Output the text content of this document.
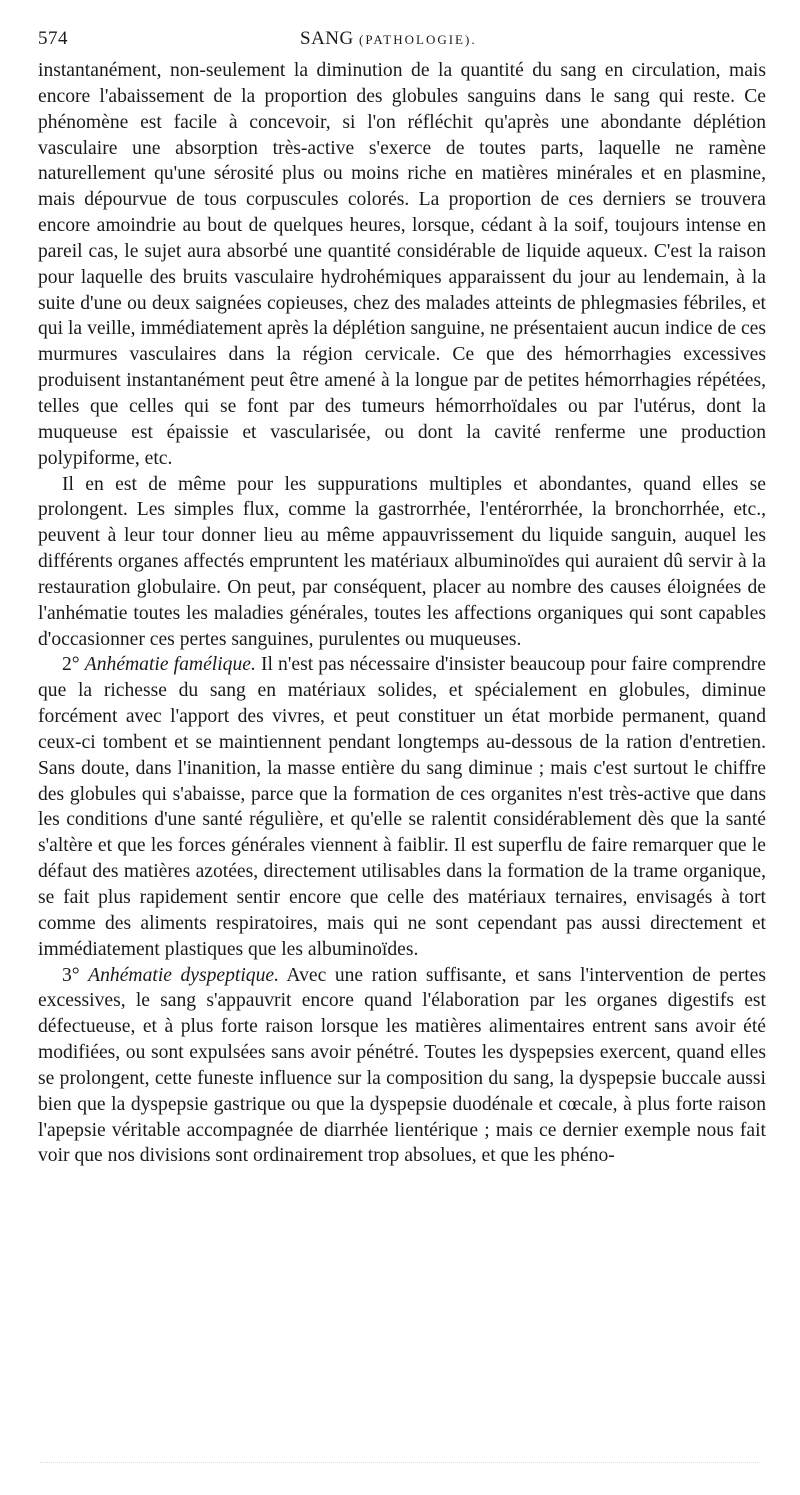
574	SANG (PATHOLOGIE).

instantanément, non-seulement la diminution de la quantité du sang en circulation, mais encore l'abaissement de la proportion des globules sanguins dans le sang qui reste. Ce phénomène est facile à concevoir, si l'on réfléchit qu'après une abondante déplétion vasculaire une absorption très-active s'exerce de toutes parts, laquelle ne ramène naturellement qu'une sérosité plus ou moins riche en matières minérales et en plasmine, mais dépourvue de tous corpuscules colorés. La proportion de ces derniers se trouvera encore amoindrie au bout de quelques heures, lorsque, cédant à la soif, toujours intense en pareil cas, le sujet aura absorbé une quantité considérable de liquide aqueux. C'est la raison pour laquelle des bruits vasculaire hydrohémiques apparaissent du jour au lendemain, à la suite d'une ou deux saignées copieuses, chez des malades atteints de phlegmasies fébriles, et qui la veille, immédiatement après la déplétion sanguine, ne présentaient aucun indice de ces murmures vasculaires dans la région cervicale. Ce que des hémorrhagies excessives produisent instantanément peut être amené à la longue par de petites hémorrhagies répétées, telles que celles qui se font par des tumeurs hémorrhoïdales ou par l'utérus, dont la muqueuse est épaissie et vascularisée, ou dont la cavité renferme une production polypiforme, etc.

Il en est de même pour les suppurations multiples et abondantes, quand elles se prolongent. Les simples flux, comme la gastrorrhée, l'entérorrhée, la bronchorrhée, etc., peuvent à leur tour donner lieu au même appauvrissement du liquide sanguin, auquel les différents organes affectés empruntent les matériaux albuminoïdes qui auraient dû servir à la restauration globulaire. On peut, par conséquent, placer au nombre des causes éloignées de l'anhématie toutes les maladies générales, toutes les affections organiques qui sont capables d'occasionner ces pertes sanguines, purulentes ou muqueuses.

2° Anhématie famélique. Il n'est pas nécessaire d'insister beaucoup pour faire comprendre que la richesse du sang en matériaux solides, et spécialement en globules, diminue forcément avec l'apport des vivres, et peut constituer un état morbide permanent, quand ceux-ci tombent et se maintiennent pendant longtemps au-dessous de la ration d'entretien. Sans doute, dans l'inanition, la masse entière du sang diminue ; mais c'est surtout le chiffre des globules qui s'abaisse, parce que la formation de ces organites n'est très-active que dans les conditions d'une santé régulière, et qu'elle se ralentit considérablement dès que la santé s'altère et que les forces générales viennent à faiblir. Il est superflu de faire remarquer que le défaut des matières azotées, directement utilisables dans la formation de la trame organique, se fait plus rapidement sentir encore que celle des matériaux ternaires, envisagés à tort comme des aliments respiratoires, mais qui ne sont cependant pas aussi directement et immédiatement plastiques que les albuminoïdes.

3° Anhématie dyspeptique. Avec une ration suffisante, et sans l'intervention de pertes excessives, le sang s'appauvrit encore quand l'élaboration par les organes digestifs est défectueuse, et à plus forte raison lorsque les matières alimentaires entrent sans avoir été modifiées, ou sont expulsées sans avoir pénétré. Toutes les dyspepsies exercent, quand elles se prolongent, cette funeste influence sur la composition du sang, la dyspepsie buccale aussi bien que la dyspepsie gastrique ou que la dyspepsie duodénale et cœcale, à plus forte raison l'apepsie véritable accompagnée de diarrhée lientérique ; mais ce dernier exemple nous fait voir que nos divisions sont ordinairement trop absolues, et que les phéno-
